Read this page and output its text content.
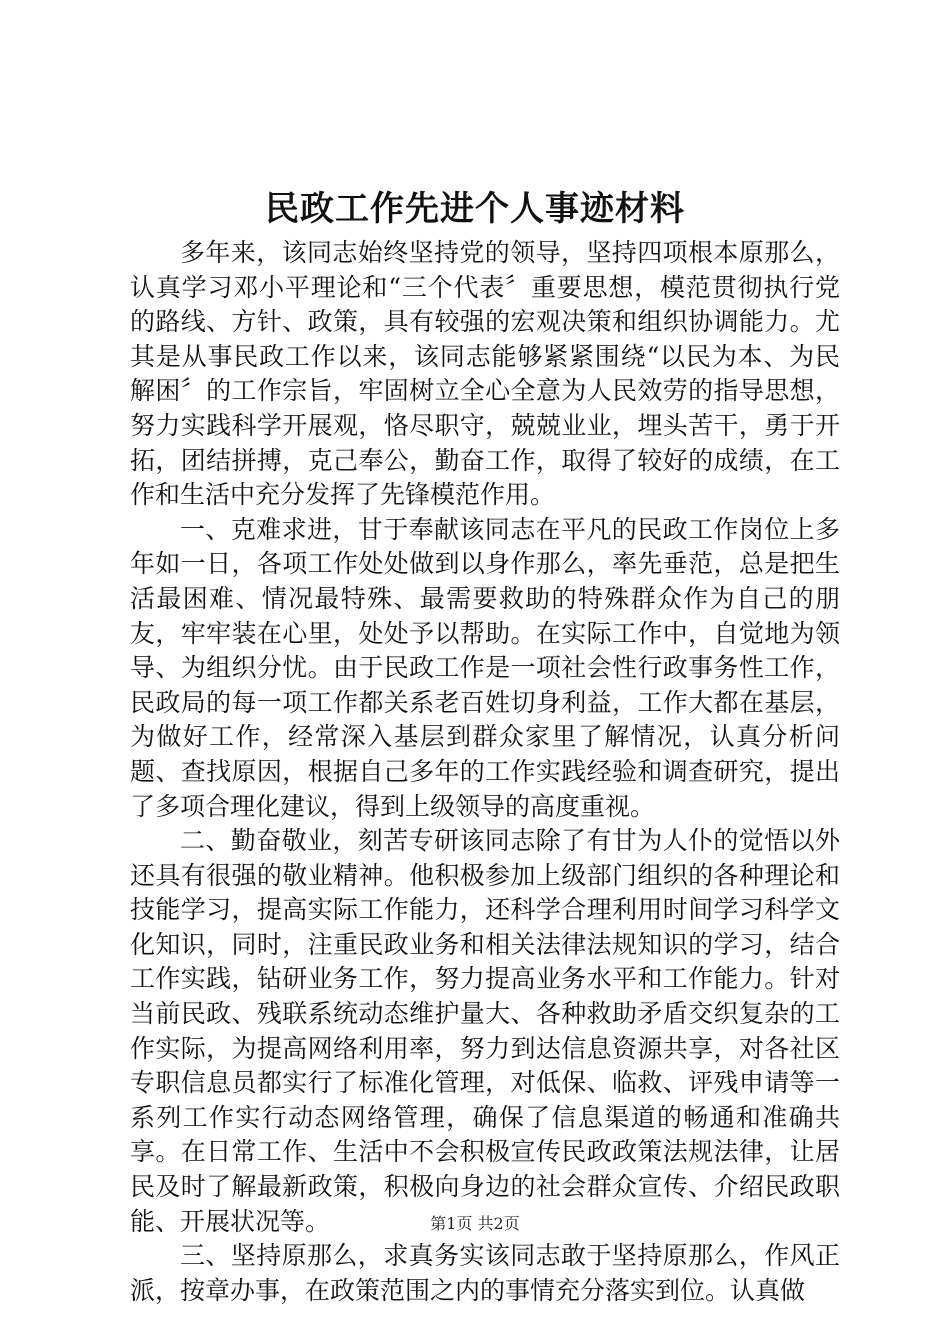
民政工作先进个人事迹材料

多年来，该同志始终坚持党的领导，坚持四项根本原那么，认真学习邓小平理论和“三个代表〞重要思想，模范贯彻执行党的路线、方针、政策，具有较强的宏观决策和组织协调能力。尤其是从事民政工作以来，该同志能够紧紧围绕“以民为本、为民解困〞的工作宗旨，牢固树立全心全意为人民效劳的指导思想，努力实践科学开展观，恪尽职守，兢兢业业，埋头苦干，勇于开拓，团结拼搏，克己奉公，勤奋工作，取得了较好的成绩，在工作和生活中充分发挥了先锋模范作用。

一、克难求进，甘于奉献该同志在平凡的民政工作岗位上多年如一日，各项工作处处做到以身作那么，率先垂范，总是把生活最困难、情况最特殊、最需要救助的特殊群众作为自己的朋友，牢牢装在心里，处处予以帮助。在实际工作中，自觉地为领导、为组织分忧。由于民政工作是一项社会性行政事务性工作，民政局的每一项工作都关系老百姓切身利益，工作大都在基层，为做好工作，经常深入基层到群众家里了解情况，认真分析问题、查找原因，根据自己多年的工作实践经验和调查研究，提出了多项合理化建议，得到上级领导的高度重视。

二、勤奋敬业，刻苦专研该同志除了有甘为人仆的觉悟以外还具有很强的敬业精神。他积极参加上级部门组织的各种理论和技能学习，提高实际工作能力，还科学合理利用时间学习科学文化知识，同时，注重民政业务和相关法律法规知识的学习，结合工作实践，钻研业务工作，努力提高业务水平和工作能力。针对当前民政、残联系统动态维护量大、各种救助矛盾交织复杂的工作实际，为提高网络利用率，努力到达信息资源共享，对各社区专职信息员都实行了标准化管理，对低保、临救、评残申请等一系列工作实行动态网络管理，确保了信息渠道的畅通和准确共享。在日常工作、生活中不会积极宣传民政政策法规法律，让居民及时了解最新政策，积极向身边的社会群众宣传、介绍民政职能、开展状况等。

三、坚持原那么，求真务实该同志敢于坚持原那么，作风正派，按章办事，在政策范围之内的事情充分落实到位。认真做

第1页 共2页
